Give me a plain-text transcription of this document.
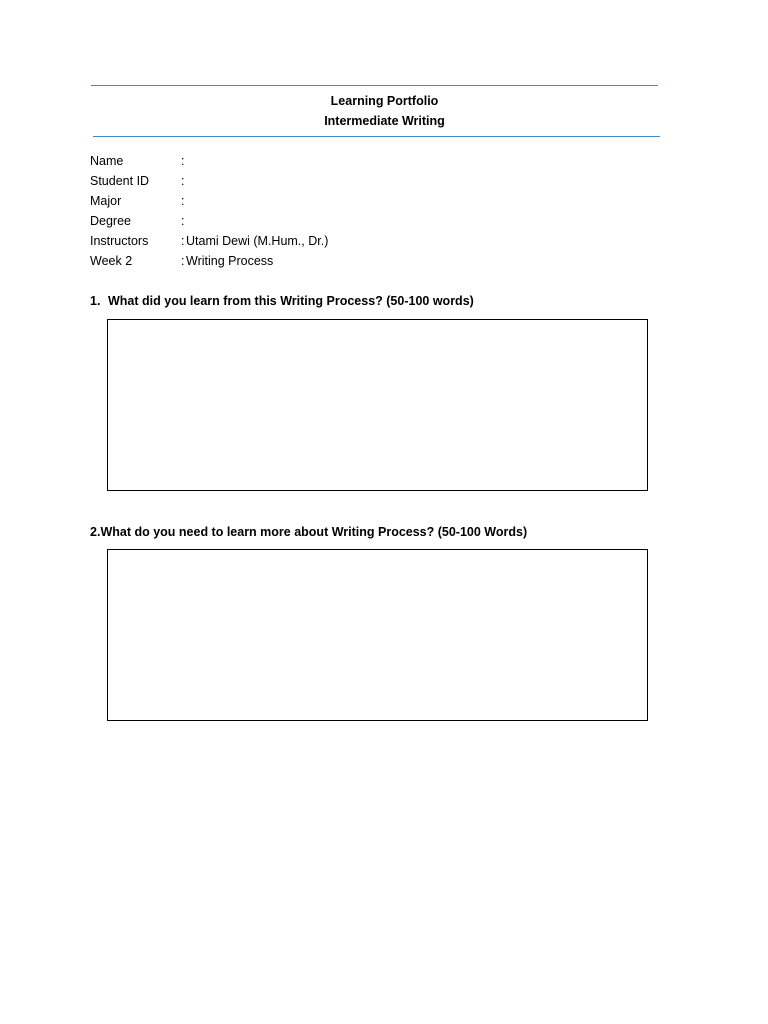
Learning Portfolio
Intermediate Writing
Name	:
Student ID	:
Major	:
Degree	:
Instructors	: Utami Dewi (M.Hum., Dr.)
Week 2	: Writing Process
1. What did you learn from this Writing Process? (50-100 words)
2.What do you need to learn more about Writing Process? (50-100 Words)
